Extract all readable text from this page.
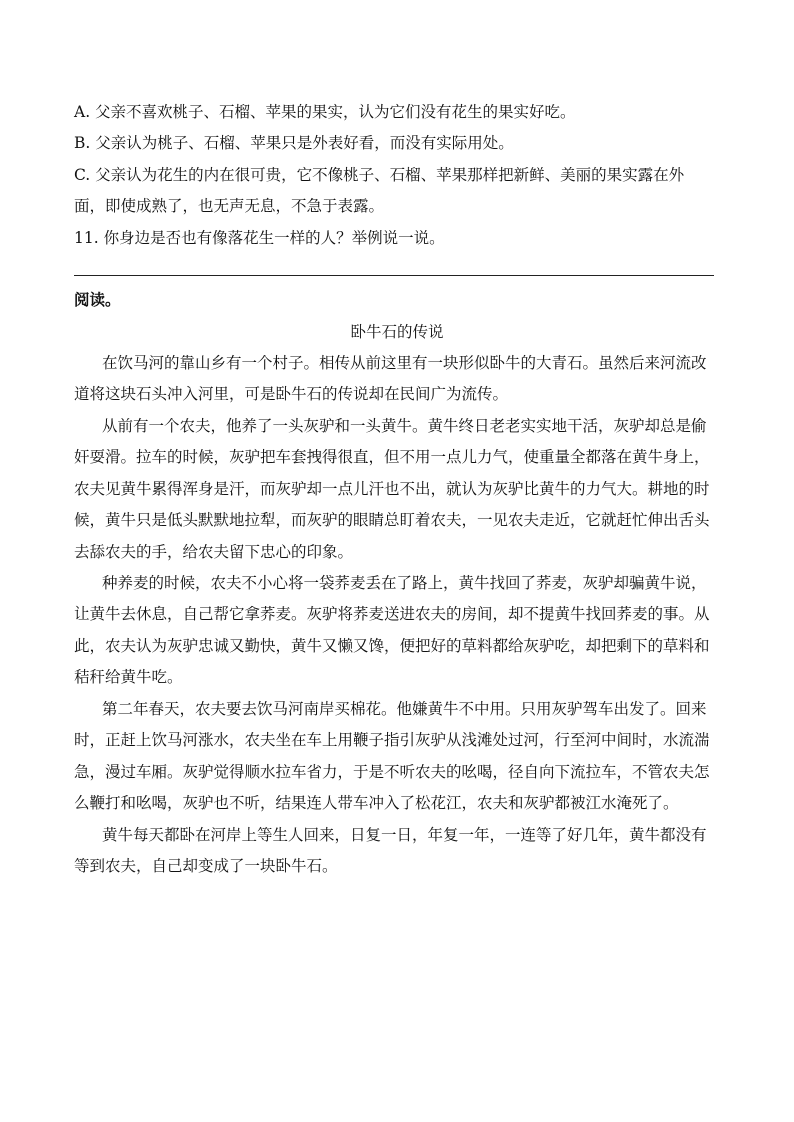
A. 父亲不喜欢桃子、石榴、苹果的果实，认为它们没有花生的果实好吃。

B. 父亲认为桃子、石榴、苹果只是外表好看，而没有实际用处。

C. 父亲认为花生的内在很可贵，它不像桃子、石榴、苹果那样把新鲜、美丽的果实露在外

面，即使成熟了，也无声无息，不急于表露。

11. 你身边是否也有像落花生一样的人？举例说一说。

阅读。

卧牛石的传说

在饮马河的靠山乡有一个村子。相传从前这里有一块形似卧牛的大青石。虽然后来河流改

道将这块石头冲入河里，可是卧牛石的传说却在民间广为流传。

从前有一个农夫，他养了一头灰驴和一头黄牛。黄牛终日老老实实地干活，灰驴却总是偷

奸耍滑。拉车的时候，灰驴把车套拽得很直，但不用一点儿力气，使重量全都落在黄牛身上，

农夫见黄牛累得浑身是汗，而灰驴却一点儿汗也不出，就认为灰驴比黄牛的力气大。耕地的时

候，黄牛只是低头默默地拉犁，而灰驴的眼睛总盯着农夫，一见农夫走近，它就赶忙伸出舌头

去舔农夫的手，给农夫留下忠心的印象。

种养麦的时候，农夫不小心将一袋荞麦丢在了路上，黄牛找回了荞麦，灰驴却骗黄牛说，

让黄牛去休息，自己帮它拿荞麦。灰驴将荞麦送进农夫的房间，却不提黄牛找回荞麦的事。从

此，农夫认为灰驴忠诚又勤快，黄牛又懒又馋，便把好的草料都给灰驴吃，却把剩下的草料和

秸秆给黄牛吃。

第二年春天，农夫要去饮马河南岸买棉花。他嫌黄牛不中用。只用灰驴驾车出发了。回来

时，正赶上饮马河涨水，农夫坐在车上用鞭子指引灰驴从浅滩处过河，行至河中间时，水流湍

急，漫过车厢。灰驴觉得顺水拉车省力，于是不听农夫的吆喝，径自向下流拉车，不管农夫怎

么鞭打和吆喝，灰驴也不听，结果连人带车冲入了松花江，农夫和灰驴都被江水淹死了。

黄牛每天都卧在河岸上等生人回来，日复一日，年复一年，一连等了好几年，黄牛都没有

等到农夫，自己却变成了一块卧牛石。
